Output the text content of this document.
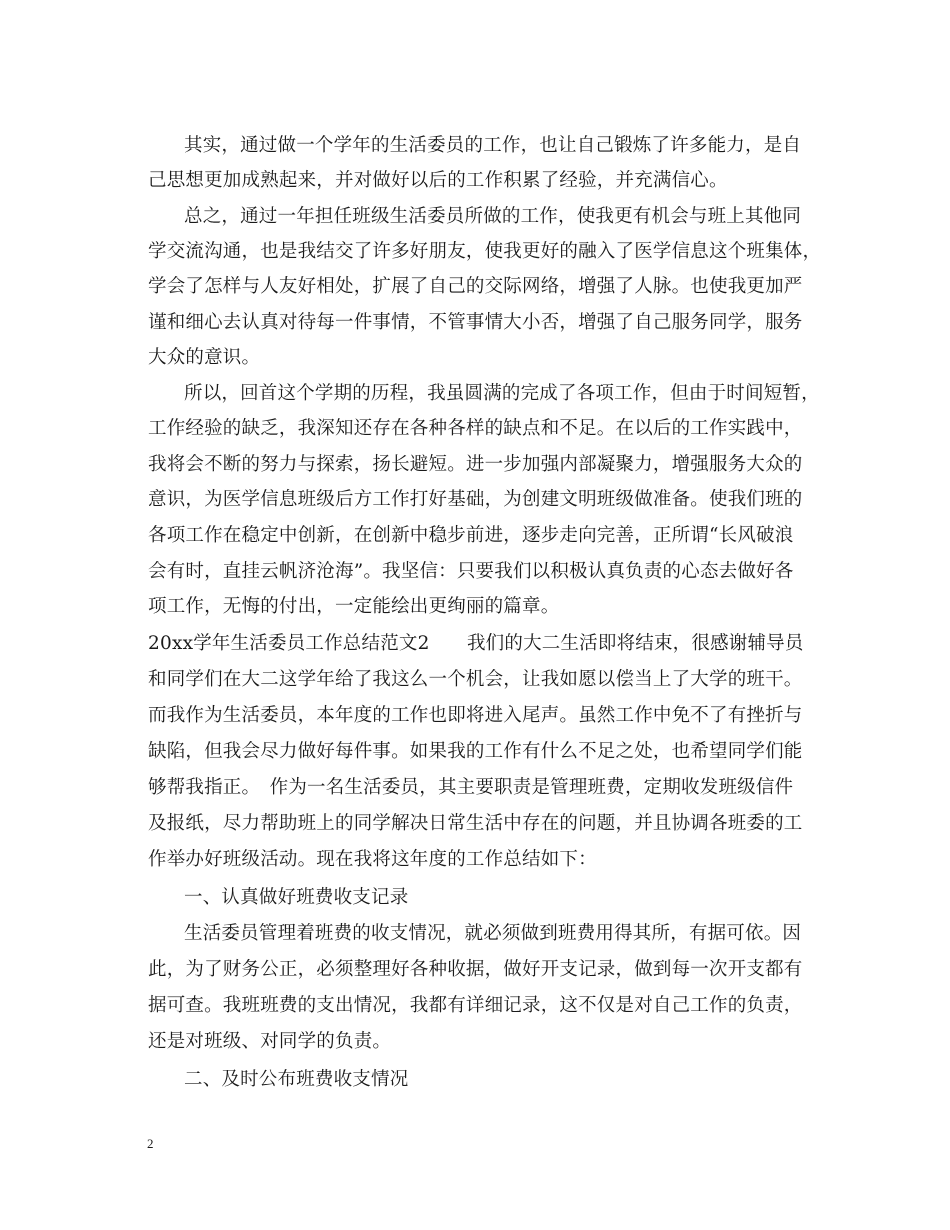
其实，通过做一个学年的生活委员的工作，也让自己锻炼了许多能力，是自
己思想更加成熟起来，并对做好以后的工作积累了经验，并充满信心。
总之，通过一年担任班级生活委员所做的工作，使我更有机会与班上其他同
学交流沟通，也是我结交了许多好朋友，使我更好的融入了医学信息这个班集体，
学会了怎样与人友好相处，扩展了自己的交际网络，增强了人脉。也使我更加严
谨和细心去认真对待每一件事情，不管事情大小否，增强了自己服务同学，服务
大众的意识。
所以，回首这个学期的历程，我虽圆满的完成了各项工作，但由于时间短暂，
工作经验的缺乏，我深知还存在各种各样的缺点和不足。在以后的工作实践中，
我将会不断的努力与探索，扬长避短。进一步加强内部凝聚力，增强服务大众的
意识，为医学信息班级后方工作打好基础，为创建文明班级做准备。使我们班的
各项工作在稳定中创新，在创新中稳步前进，逐步走向完善，正所谓“长风破浪
会有时，直挂云帆济沧海”。我坚信：只要我们以积极认真负责的心态去做好各
项工作，无悔的付出，一定能绘出更绚丽的篇章。
20xx学年生活委员工作总结范文2　　我们的大二生活即将结束，很感谢辅导员
和同学们在大二这学年给了我这么一个机会，让我如愿以偿当上了大学的班干。
而我作为生活委员，本年度的工作也即将进入尾声。虽然工作中免不了有挫折与
缺陷，但我会尽力做好每件事。如果我的工作有什么不足之处，也希望同学们能
够帮我指正。　作为一名生活委员，其主要职责是管理班费，定期收发班级信件
及报纸，尽力帮助班上的同学解决日常生活中存在的问题，并且协调各班委的工
作举办好班级活动。现在我将这年度的工作总结如下：
一、认真做好班费收支记录
生活委员管理着班费的收支情况，就必须做到班费用得其所，有据可依。因
此，为了财务公正，必须整理好各种收据，做好开支记录，做到每一次开支都有
据可查。我班班费的支出情况，我都有详细记录，这不仅是对自己工作的负责，
还是对班级、对同学的负责。
二、及时公布班费收支情况
2
